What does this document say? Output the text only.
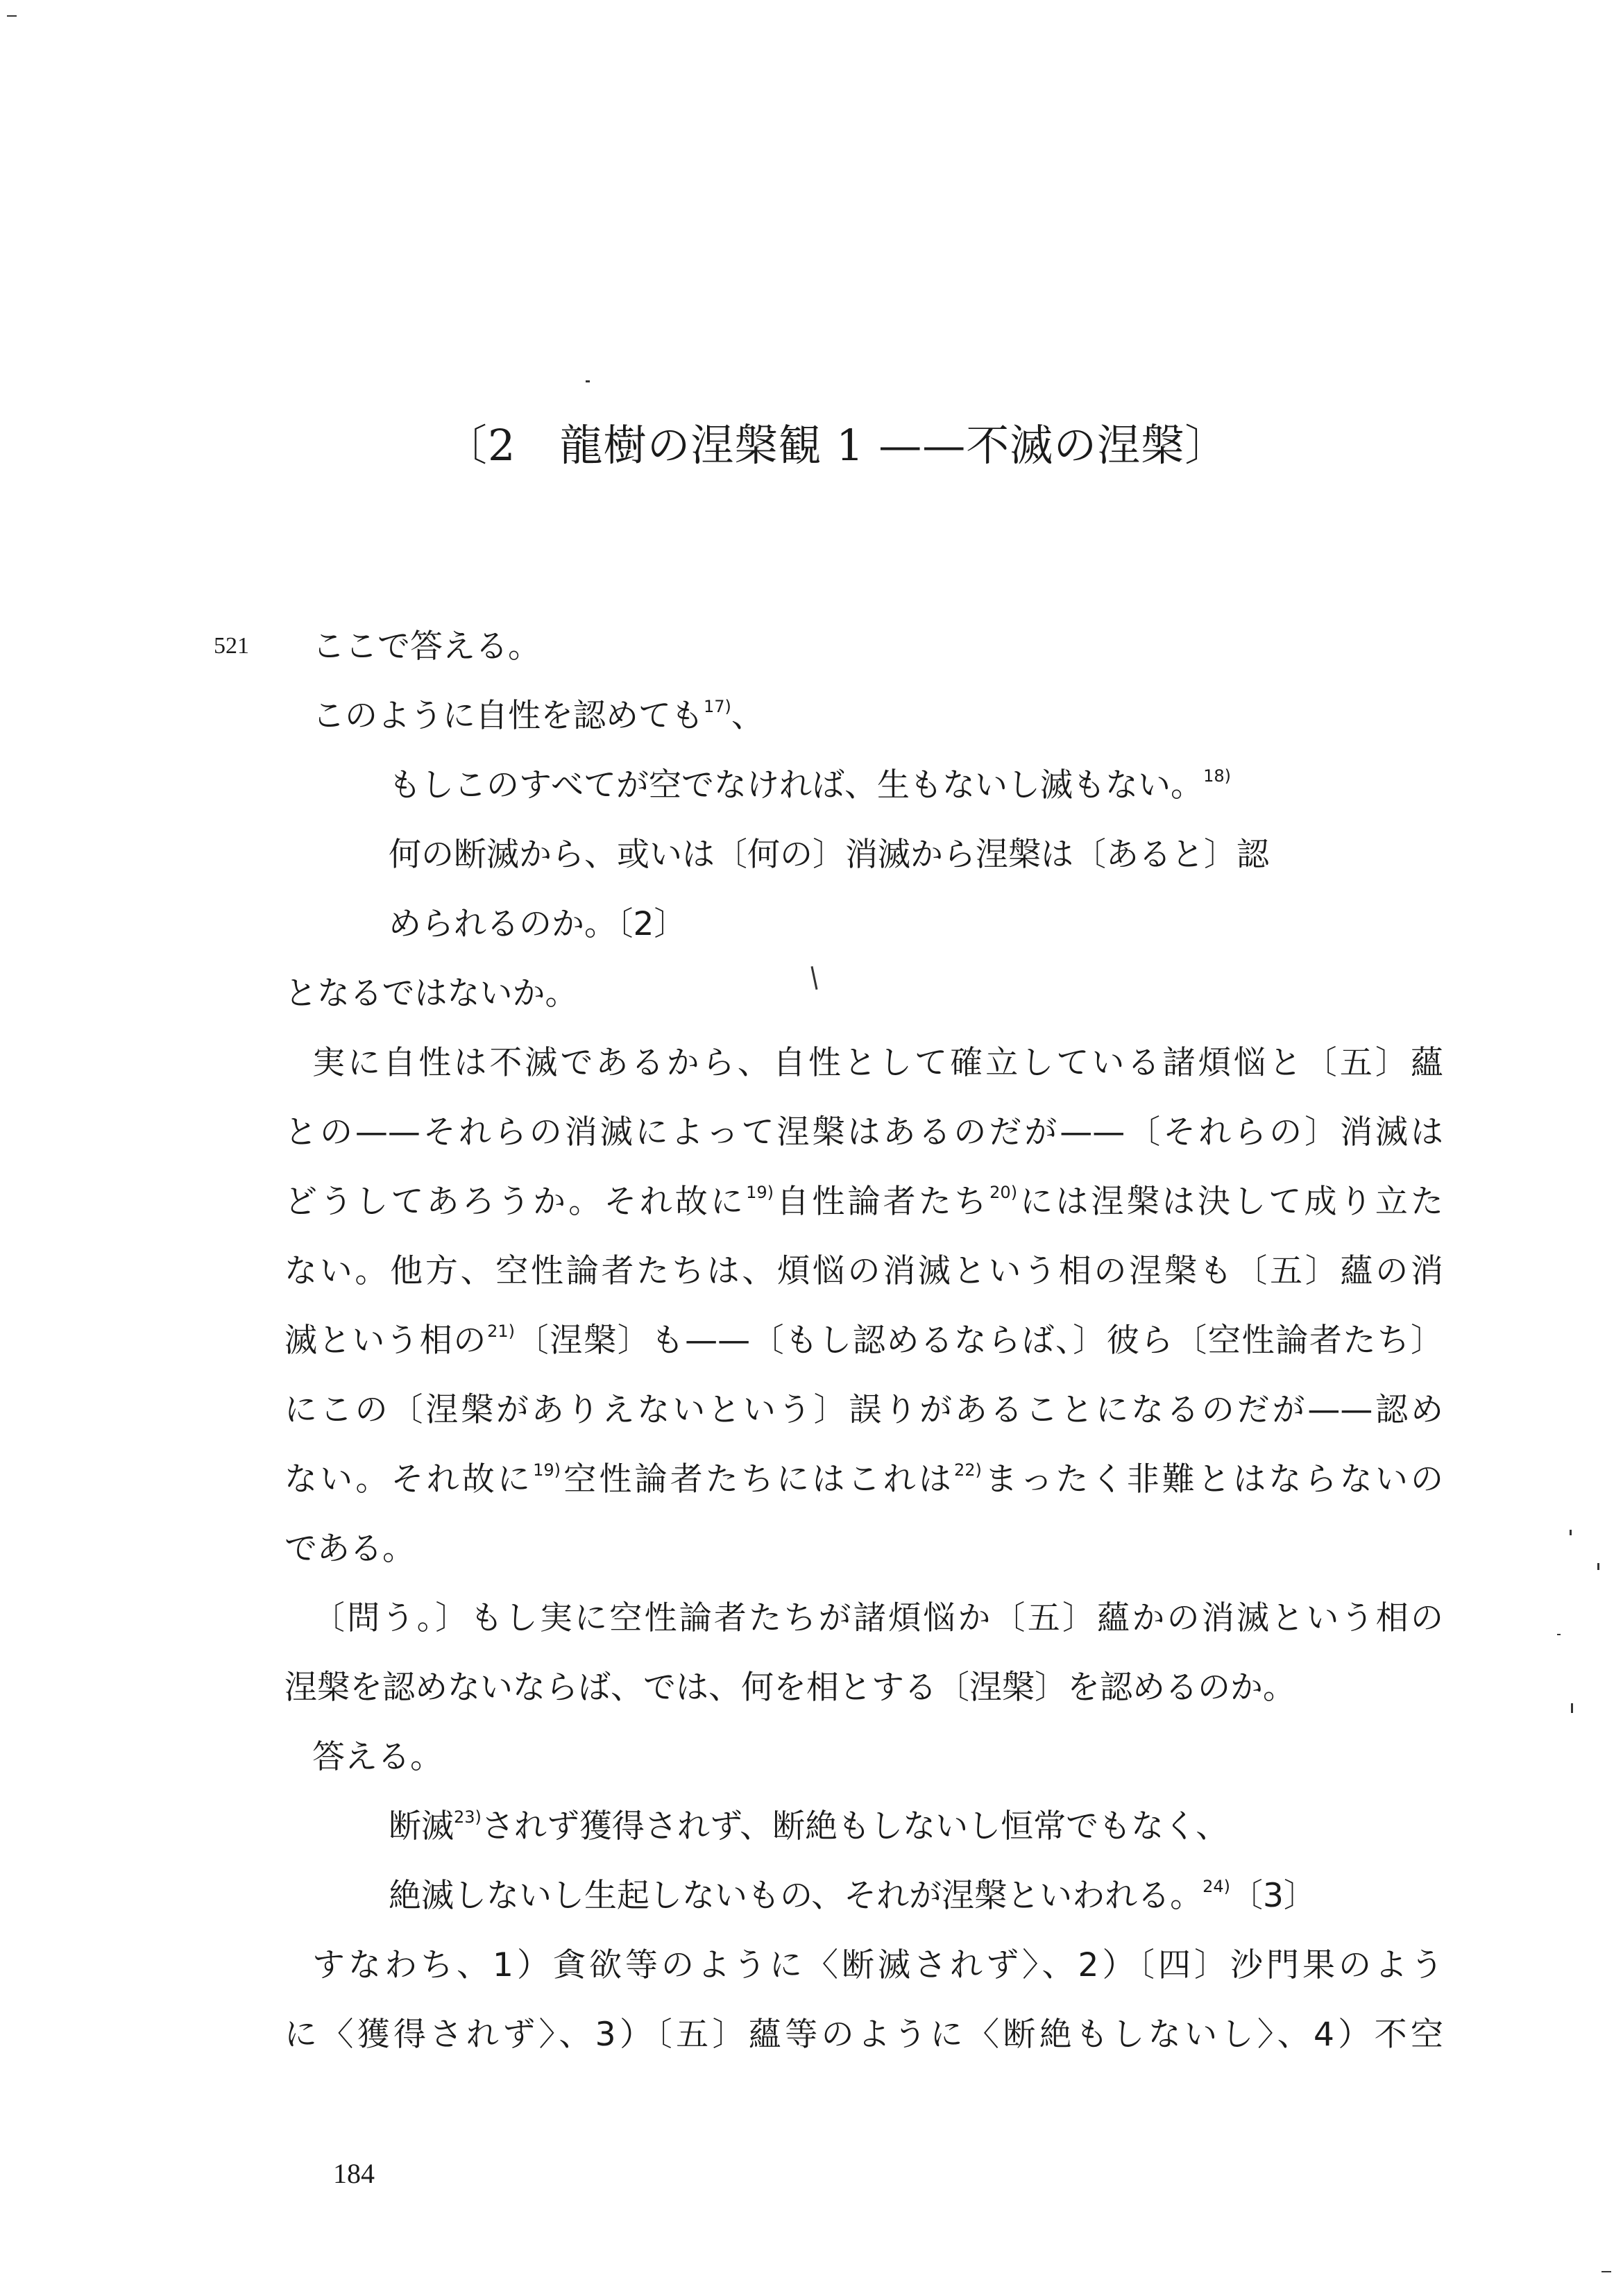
〔2　龍樹の涅槃観 1 ——不滅の涅槃〕
521 ここで答える。
このように自性を認めても$^{17)}$、
もしこのすべてが空でなければ、生もないし滅もない。$^{18)}$
何の断滅から、或いは〔何の〕消滅から涅槃は〔あると〕認
められるのか。〔2〕
となるではないか。
実に自性は不滅であるから、自性として確立している諸煩悩と〔五〕蘊
との——それらの消滅によって涅槃はあるのだが——〔それらの〕消滅は
どうしてあろうか。それ故に$^{19)}$自性論者たち$^{20)}$には涅槃は決して成り立た
ない。他方、空性論者たちは、煩悩の消滅という相の涅槃も〔五〕蘊の消
滅という相の$^{21)}$〔涅槃〕も——〔もし認めるならば、〕彼ら〔空性論者たち〕
にこの〔涅槃がありえないという〕誤りがあることになるのだが——認め
ない。それ故に$^{19)}$空性論者たちにはこれは$^{22)}$まったく非難とはならないの
である。
〔問う。〕もし実に空性論者たちが諸煩悩か〔五〕蘊かの消滅という相の
涅槃を認めないならば、では、何を相とする〔涅槃〕を認めるのか。
答える。
断滅$^{23)}$されず獲得されず、断絶もしないし恒常でもなく、
絶滅しないし生起しないもの、それが涅槃といわれる。$^{24)}$〔3〕
すなわち、1）貪欲等のように〈断滅されず〉、2）〔四〕沙門果のよう
に〈獲得されず〉、3）〔五〕蘊等のように〈断絶もしないし〉、4）不空
184
